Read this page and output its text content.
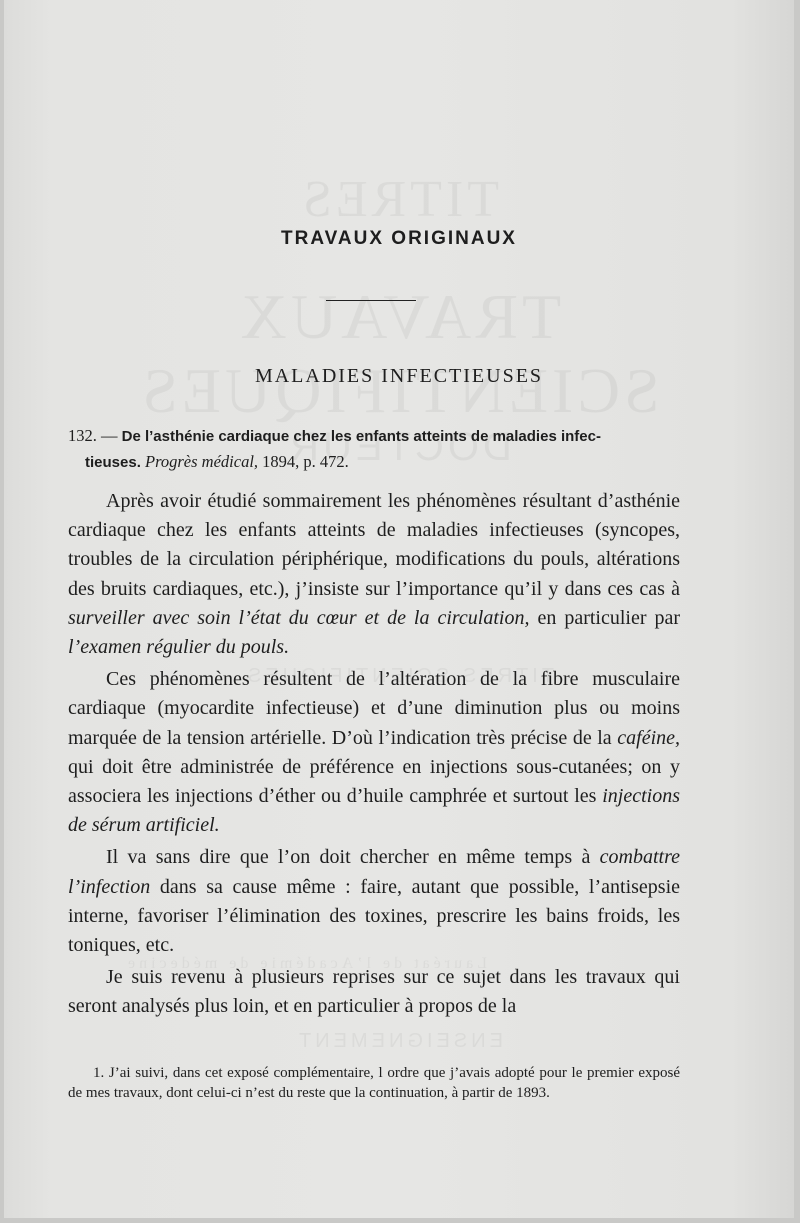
TRAVAUX ORIGINAUX
MALADIES INFECTIEUSES
132. — De l’asthénie cardiaque chez les enfants atteints de maladies infec-
tieuses. Progrès médical, 1894, p. 472.

Après avoir étudié sommairement les phénomènes résultant d’asthénie cardiaque chez les enfants atteints de maladies infectieuses (syncopes, troubles de la circulation périphérique, modifications du pouls, altérations des bruits cardiaques, etc.), j’insiste sur l’importance qu’il y dans ces cas à surveiller avec soin l’état du cœur et de la circulation, en particulier par l’examen régulier du pouls.

Ces phénomènes résultent de l’altération de la fibre musculaire cardiaque (myocardite infectieuse) et d’une diminution plus ou moins marquée de la tension artérielle. D’où l’indication très précise de la caféine, qui doit être administrée de préférence en injections sous-cutanées; on y associera les injections d’éther ou d’huile camphrée et surtout les injections de sérum artificiel.

Il va sans dire que l’on doit chercher en même temps à combattre l’infection dans sa cause même : faire, autant que possible, l’antisepsie interne, favoriser l’élimination des toxines, prescrire les bains froids, les toniques, etc.

Je suis revenu à plusieurs reprises sur ce sujet dans les travaux qui seront analysés plus loin, et en particulier à propos de la

1. J’ai suivi, dans cet exposé complémentaire, l ordre que j’avais adopté pour le premier exposé de mes travaux, dont celui-ci n’est du reste que la continuation, à partir de 1893.
